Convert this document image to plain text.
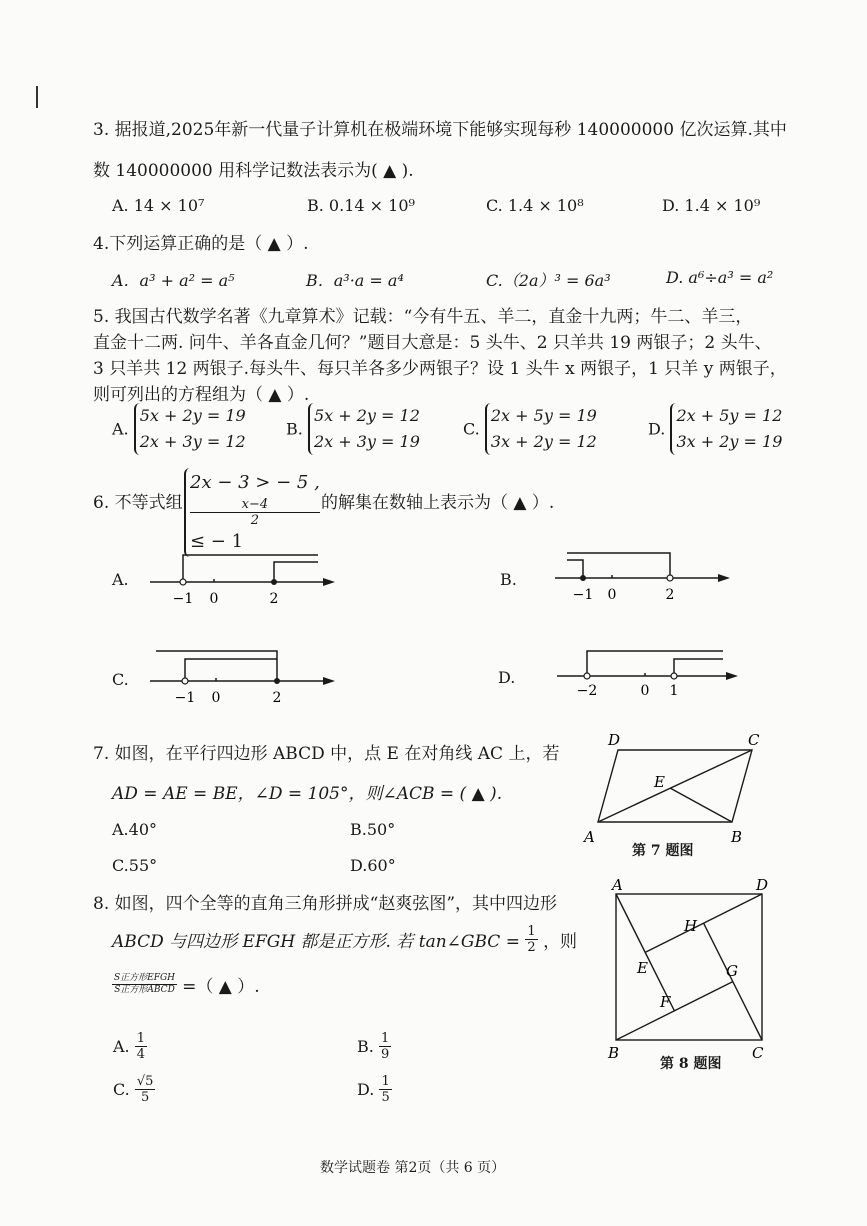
3. 据报道,2025年新一代量子计算机在极端环境下能够实现每秒 140000000 亿次运算.其中
数 140000000 用科学记数法表示为( ▲ ).
A. 14 × 10⁷	B. 0.14 × 10⁹	C. 1.4 × 10⁸	D. 1.4 × 10⁹
4.下列运算正确的是（ ▲ ）.
A．a³ + a² = a⁵	B．a³·a = a⁴	C.（2a）³ = 6a³	D. a⁶÷a³ = a²
5. 我国古代数学名著《九章算术》记载：“今有牛五、羊二，直金十九两；牛二、羊三，
直金十二两. 问牛、羊各直金几何？”题目大意是：5 头牛、2 只羊共 19 两银子；2 头牛、
3 只羊共 12 两银子.每头牛、每只羊各多少两银子？设 1 头牛 x 两银子，1 只羊 y 两银子，
则可列出的方程组为（ ▲ ）.
A.
5x + 2y = 19
2x + 3y = 12
B.
5x + 2y = 12
2x + 3y = 19
C.
2x + 5y = 19
3x + 2y = 12
D.
2x + 5y = 12
3x + 2y = 19
6. 不等式组
2x − 3 > − 5 ,
x−4
2
≤ − 1
的解集在数轴上表示为（ ▲ ）.
A.	B.
C.	D.
−1 0	2	−1 0	2
−1 0	2	−2	0 1
7. 如图，在平行四边形 ABCD 中，点 E 在对角线 AC 上，若
AD = AE = BE，∠D = 105°，则∠ACB = ( ▲ ).
A.40°	B.50°
C.55°	D.60°
A	B
C
D
E
第 7 题图
8. 如图，四个全等的直角三角形拼成“赵爽弦图”，其中四边形
ABCD 与四边形 EFGH 都是正方形. 若 tan∠GBC = $\frac{1}{2}$ ，则
$\frac{\text{S正方形EFGH}}{\text{S正方形ABCD}}$ =（ ▲ ）.
A. $\frac{1}{4}$	B. $\frac{1}{9}$
C. $\frac{√5}{5}$	D. $\frac{1}{5}$
A	D
B	C
H
E	G
F
第 8 题图
数学试题卷 第2页（共 6 页）
